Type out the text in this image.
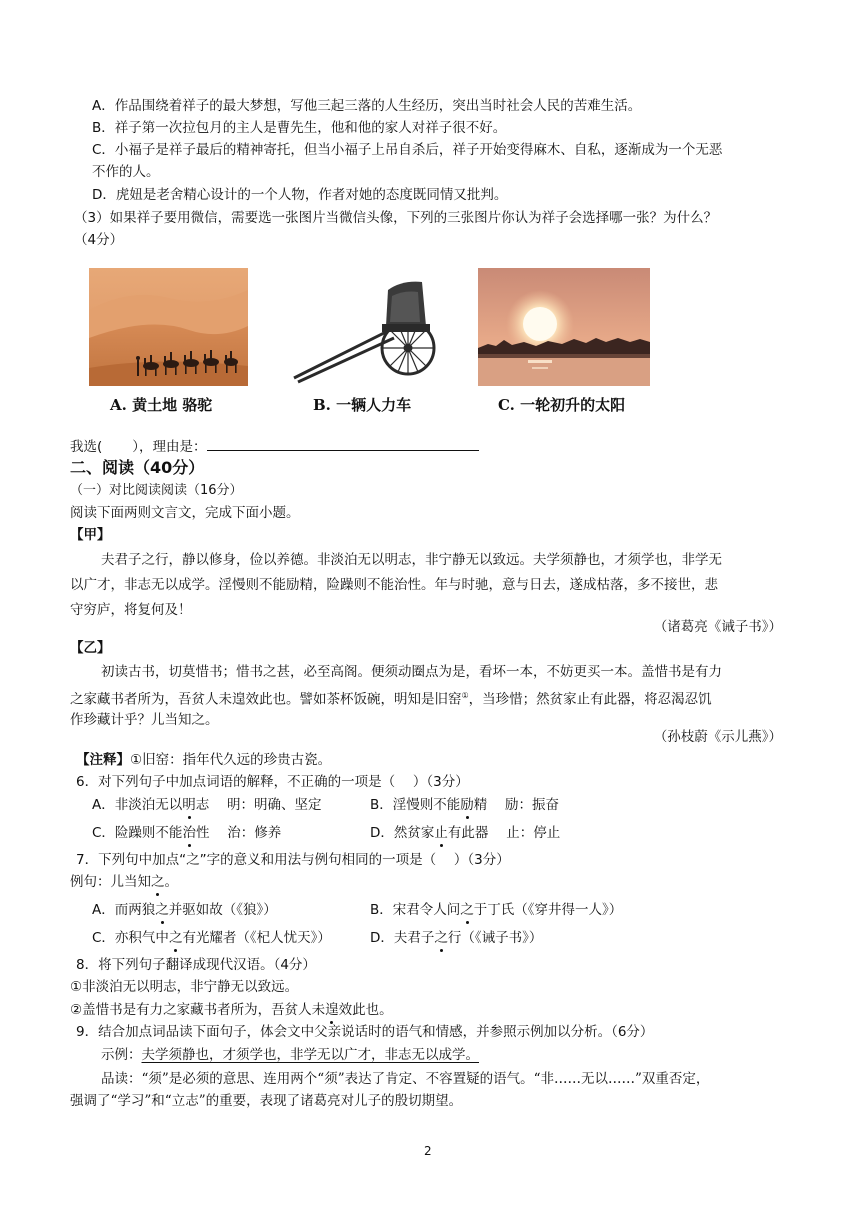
A．作品围绕着祥子的最大梦想，写他三起三落的人生经历，突出当时社会人民的苦难生活。
B．祥子第一次拉包月的主人是曹先生，他和他的家人对祥子很不好。
C．小福子是祥子最后的精神寄托，但当小福子上吊自杀后，祥子开始变得麻木、自私，逐渐成为一个无恶
不作的人。
D．虎妞是老舍精心设计的一个人物，作者对她的态度既同情又批判。
（3）如果祥子要用微信，需要选一张图片当微信头像，下列的三张图片你认为祥子会选择哪一张？为什么？
（4分）
A. 黄土地 骆驼	B. 一辆人力车	C. 一轮初升的太阳
我选( ），理由是：
二、阅读（40分）
（一）对比阅读阅读（16分）
阅读下面两则文言文，完成下面小题。
【甲】
夫君子之行，静以修身，俭以养德。非淡泊无以明志，非宁静无以致远。夫学须静也，才须学也，非学无
以广才，非志无以成学。淫慢则不能励精，险躁则不能治性。年与时驰，意与日去，遂成枯落，多不接世，悲
守穷庐，将复何及！
（诸葛亮《诫子书》）
【乙】
初读古书，切莫惜书；惜书之甚，必至高阁。便须动圈点为是，看坏一本，不妨更买一本。盖惜书是有力
之家藏书者所为，吾贫人未遑效此也。譬如茶杯饭碗，明知是旧窑①，当珍惜；然贫家止有此器，将忍渴忍饥
作珍藏计乎？儿当知之。
（孙枝蔚《示儿燕》）
【注释】①旧窑：指年代久远的珍贵古瓷。
6．对下列句子中加点词语的解释，不正确的一项是（　 ）（3分）
A．非淡泊无以明志　 明：明确、坚定	B．淫慢则不能励精　 励：振奋
C．险躁则不能治性　 治：修养	D．然贫家止有此器　 止：停止
7．下列句中加点“之”字的意义和用法与例句相同的一项是（　 ）（3分）
例句：儿当知之。
A．而两狼之并驱如故（《狼》）	B．宋君令人问之于丁氏（《穿井得一人》）
C．亦积气中之有光耀者（《杞人忧天》）	D．夫君子之行（《诫子书》）
8．将下列句子翻译成现代汉语。（4分）
①非淡泊无以明志，非宁静无以致远。
②盖惜书是有力之家藏书者所为，吾贫人未遑效此也。
9．结合加点词品读下面句子，体会文中父亲说话时的语气和情感，并参照示例加以分析。（6分）
示例：夫学须静也，才须学也，非学无以广才，非志无以成学。
品读：“须”是必须的意思、连用两个“须”表达了肯定、不容置疑的语气。“非……无以……”双重否定，
强调了“学习”和“立志”的重要，表现了诸葛亮对儿子的殷切期望。
2
